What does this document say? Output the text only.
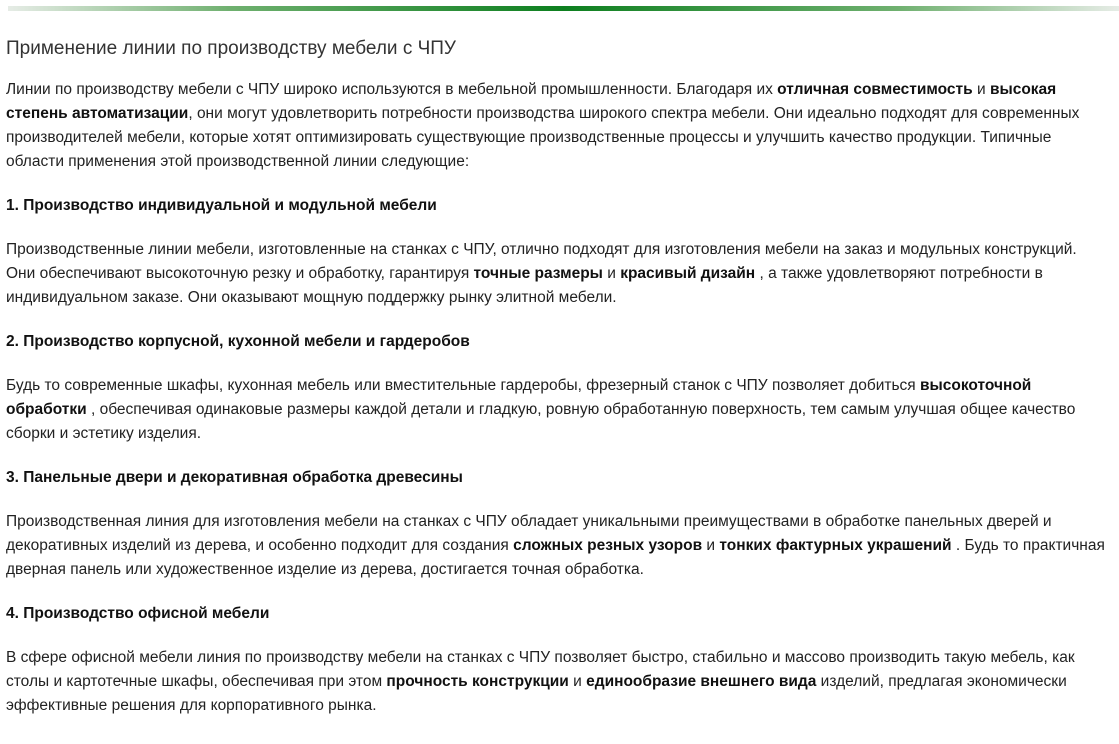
Применение линии по производству мебели с ЧПУ

Линии по производству мебели с ЧПУ широко используются в мебельной промышленности. Благодаря их отличная совместимость и высокая степень автоматизации, они могут удовлетворить потребности производства широкого спектра мебели. Они идеально подходят для современных производителей мебели, которые хотят оптимизировать существующие производственные процессы и улучшить качество продукции. Типичные области применения этой производственной линии следующие:

1. Производство индивидуальной и модульной мебели

Производственные линии мебели, изготовленные на станках с ЧПУ, отлично подходят для изготовления мебели на заказ и модульных конструкций. Они обеспечивают высокоточную резку и обработку, гарантируя точные размеры и красивый дизайн , а также удовлетворяют потребности в индивидуальном заказе. Они оказывают мощную поддержку рынку элитной мебели.

2. Производство корпусной, кухонной мебели и гардеробов

Будь то современные шкафы, кухонная мебель или вместительные гардеробы, фрезерный станок с ЧПУ позволяет добиться высокоточной обработки , обеспечивая одинаковые размеры каждой детали и гладкую, ровную обработанную поверхность, тем самым улучшая общее качество сборки и эстетику изделия.

3. Панельные двери и декоративная обработка древесины

Производственная линия для изготовления мебели на станках с ЧПУ обладает уникальными преимуществами в обработке панельных дверей и декоративных изделий из дерева, и особенно подходит для создания сложных резных узоров и тонких фактурных украшений . Будь то практичная дверная панель или художественное изделие из дерева, достигается точная обработка.

4. Производство офисной мебели

В сфере офисной мебели линия по производству мебели на станках с ЧПУ позволяет быстро, стабильно и массово производить такую мебель, как столы и картотечные шкафы, обеспечивая при этом прочность конструкции и единообразие внешнего вида изделий, предлагая экономически эффективные решения для корпоративного рынка.
